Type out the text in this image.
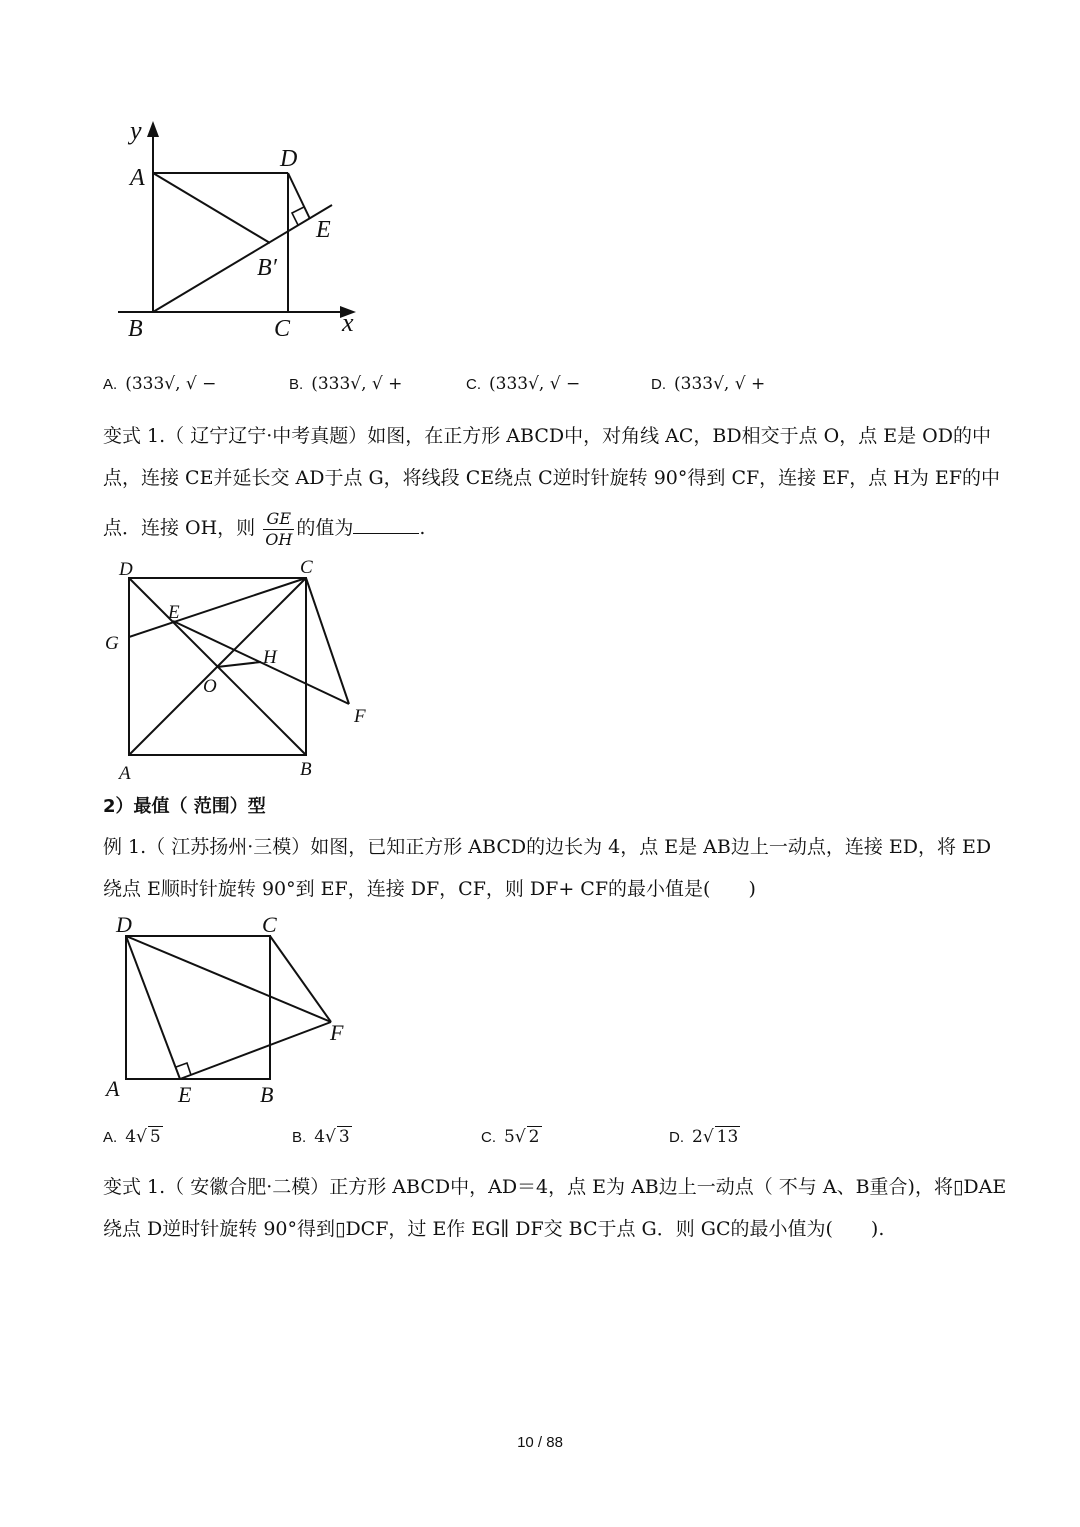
y
A
D
E
B′
B	C x
A. (333√, √ −	B. (333√, √ +	C. (333√, √ −	D. (333√, √ +
变式 1.（ 辽宁辽宁·中考真题）如图，在正方形 ABCD中，对角线 AC，BD相交于点 O，点 E是 OD的中
点，连接 CE并延长交 AD于点 G，将线段 CE绕点 C逆时针旋转 90°得到 CF，连接 EF，点 H为 EF的中
点．连接 OH，则 $\frac{GE}{OH}$ 的值为	.
D	C
G
E
H
O
F
A	B
2）最值（ 范围）型
例 1.（ 江苏扬州·三模）如图，已知正方形 ABCD的边长为 4，点 E是 AB边上一动点，连接 ED，将 ED
绕点 E顺时针旋转 90°到 EF，连接 DF，CF，则 DF+ CF的最小值是(　　)
D	C
F
A	E	B
A. 4√ 5	B. 4√ 3	C. 5√ 2	D. 2√ 13
变式 1.（ 安徽合肥·二模）正方形 ABCD中，AD＝4，点 E为 AB边上一动点（ 不与 A、B重合)，将▯DAE
绕点 D逆时针旋转 90°得到▯DCF，过 E作 EG∥ DF交 BC于点 G．则 GC的最小值为(　　).
10 / 88
